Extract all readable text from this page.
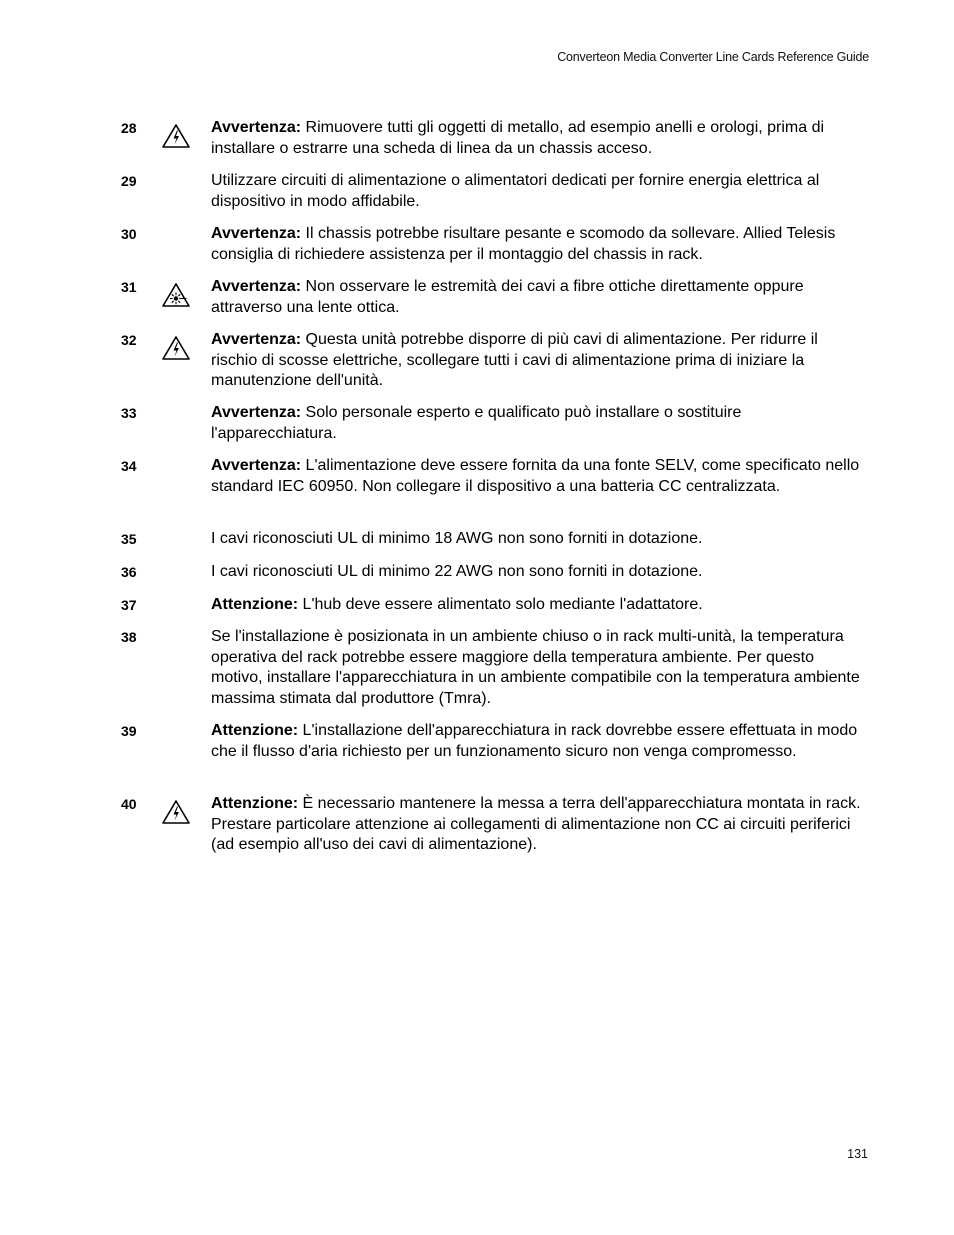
Converteon Media Converter Line Cards Reference Guide
28	Avvertenza: Rimuovere tutti gli oggetti di metallo, ad esempio anelli e orologi, prima di installare o estrarre una scheda di linea da un chassis acceso.
29	Utilizzare circuiti di alimentazione o alimentatori dedicati per fornire energia elettrica al dispositivo in modo affidabile.
30	Avvertenza: Il chassis potrebbe risultare pesante e scomodo da sollevare. Allied Telesis consiglia di richiedere assistenza per il montaggio del chassis in rack.
31	Avvertenza: Non osservare le estremità dei cavi a fibre ottiche direttamente oppure attraverso una lente ottica.
32	Avvertenza: Questa unità potrebbe disporre di più cavi di alimentazione. Per ridurre il rischio di scosse elettriche, scollegare tutti i cavi di alimentazione prima di iniziare la manutenzione dell'unità.
33	Avvertenza: Solo personale esperto e qualificato può installare o sostituire l'apparecchiatura.
34	Avvertenza: L'alimentazione deve essere fornita da una fonte SELV, come specificato nello standard IEC 60950. Non collegare il dispositivo a una batteria CC centralizzata.
35	I cavi riconosciuti UL di minimo 18 AWG non sono forniti in dotazione.
36	I cavi riconosciuti UL di minimo 22 AWG non sono forniti in dotazione.
37	Attenzione: L'hub deve essere alimentato solo mediante l'adattatore.
38	Se l'installazione è posizionata in un ambiente chiuso o in rack multi-unità, la temperatura operativa del rack potrebbe essere maggiore della temperatura ambiente. Per questo motivo, installare l'apparecchiatura in un ambiente compatibile con la temperatura ambiente massima stimata dal produttore (Tmra).
39	Attenzione: L'installazione dell'apparecchiatura in rack dovrebbe essere effettuata in modo che il flusso d'aria richiesto per un funzionamento sicuro non venga compromesso.
40	Attenzione: È necessario mantenere la messa a terra dell'apparecchiatura montata in rack. Prestare particolare attenzione ai collegamenti di alimentazione non CC ai circuiti periferici (ad esempio all'uso dei cavi di alimentazione).
131
